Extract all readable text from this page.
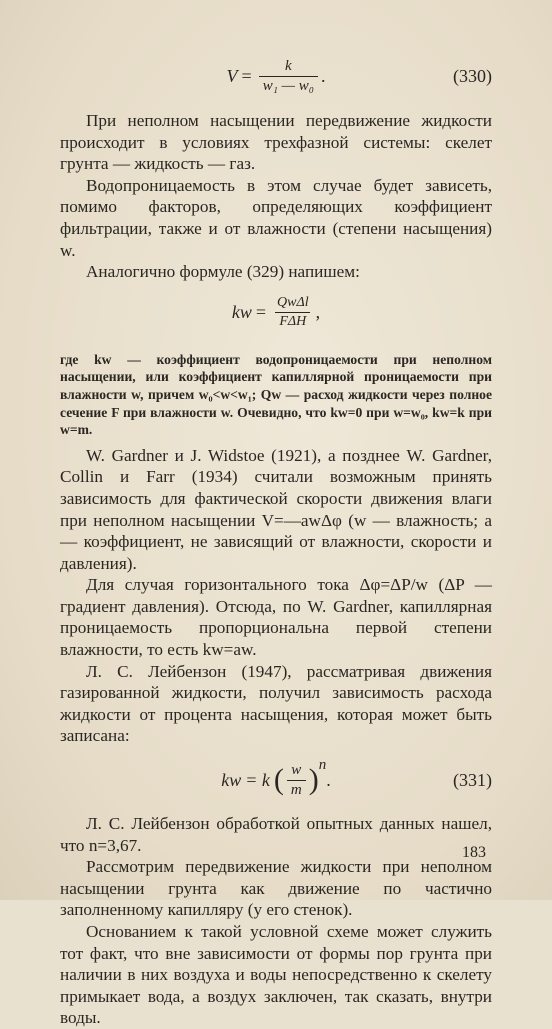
$V = \frac{k}{\text{w₁ — w₀}}$ .	(330)

При неполном насыщении передвижение жидкости происходит в условиях трехфазной системы: скелет грунта — жидкость — газ.

Водопроницаемость в этом случае будет зависеть, помимо факторов, определяющих коэффициент фильтрации, также и от влажности (степени насыщения) w.

Аналогично формуле (329) напишем:

kw = $\frac{\text{QwΔl}}{\text{FΔH}}$ ,

где kw — коэффициент водопроницаемости при неполном насыщении, или коэффициент капиллярной проницаемости при влажности w, причем w₀<w<w₁; Qw — расход жидкости через полное сечение F при влажности w. Очевидно, что kw=0 при w=w₀, kw=k при w=m.

W. Gardner и J. Widstoe (1921), а позднее W. Gardner, Collin и Farr (1934) считали возможным принять зависимость для фактической скорости движения влаги при неполном насыщении V=—awΔφ (w — влажность; a — коэффициент, не зависящий от влажности, скорости и давления).

Для случая горизонтального тока Δφ=ΔP/w (ΔP — градиент давления). Отсюда, по W. Gardner, капиллярная проницаемость пропорциональна первой степени влажности, то есть kw=aw.

Л. С. Лейбензон (1947), рассматривая движения газированной жидкости, получил зависимость расхода жидкости от процента насыщения, которая может быть записана:

kw = k ( $\frac{w}{m} )^n$
.	(331)

Л. С. Лейбензон обработкой опытных данных нашел, что n=3,67.

Рассмотрим передвижение жидкости при неполном насыщении грунта как движение по частично заполненному капилляру (у его стенок).

Основанием к такой условной схеме может служить тот факт, что вне зависимости от формы пор грунта при наличии в них воздуха и воды непосредственно к скелету примыкает вода, а воздух заключен, так сказать, внутри воды.

183
